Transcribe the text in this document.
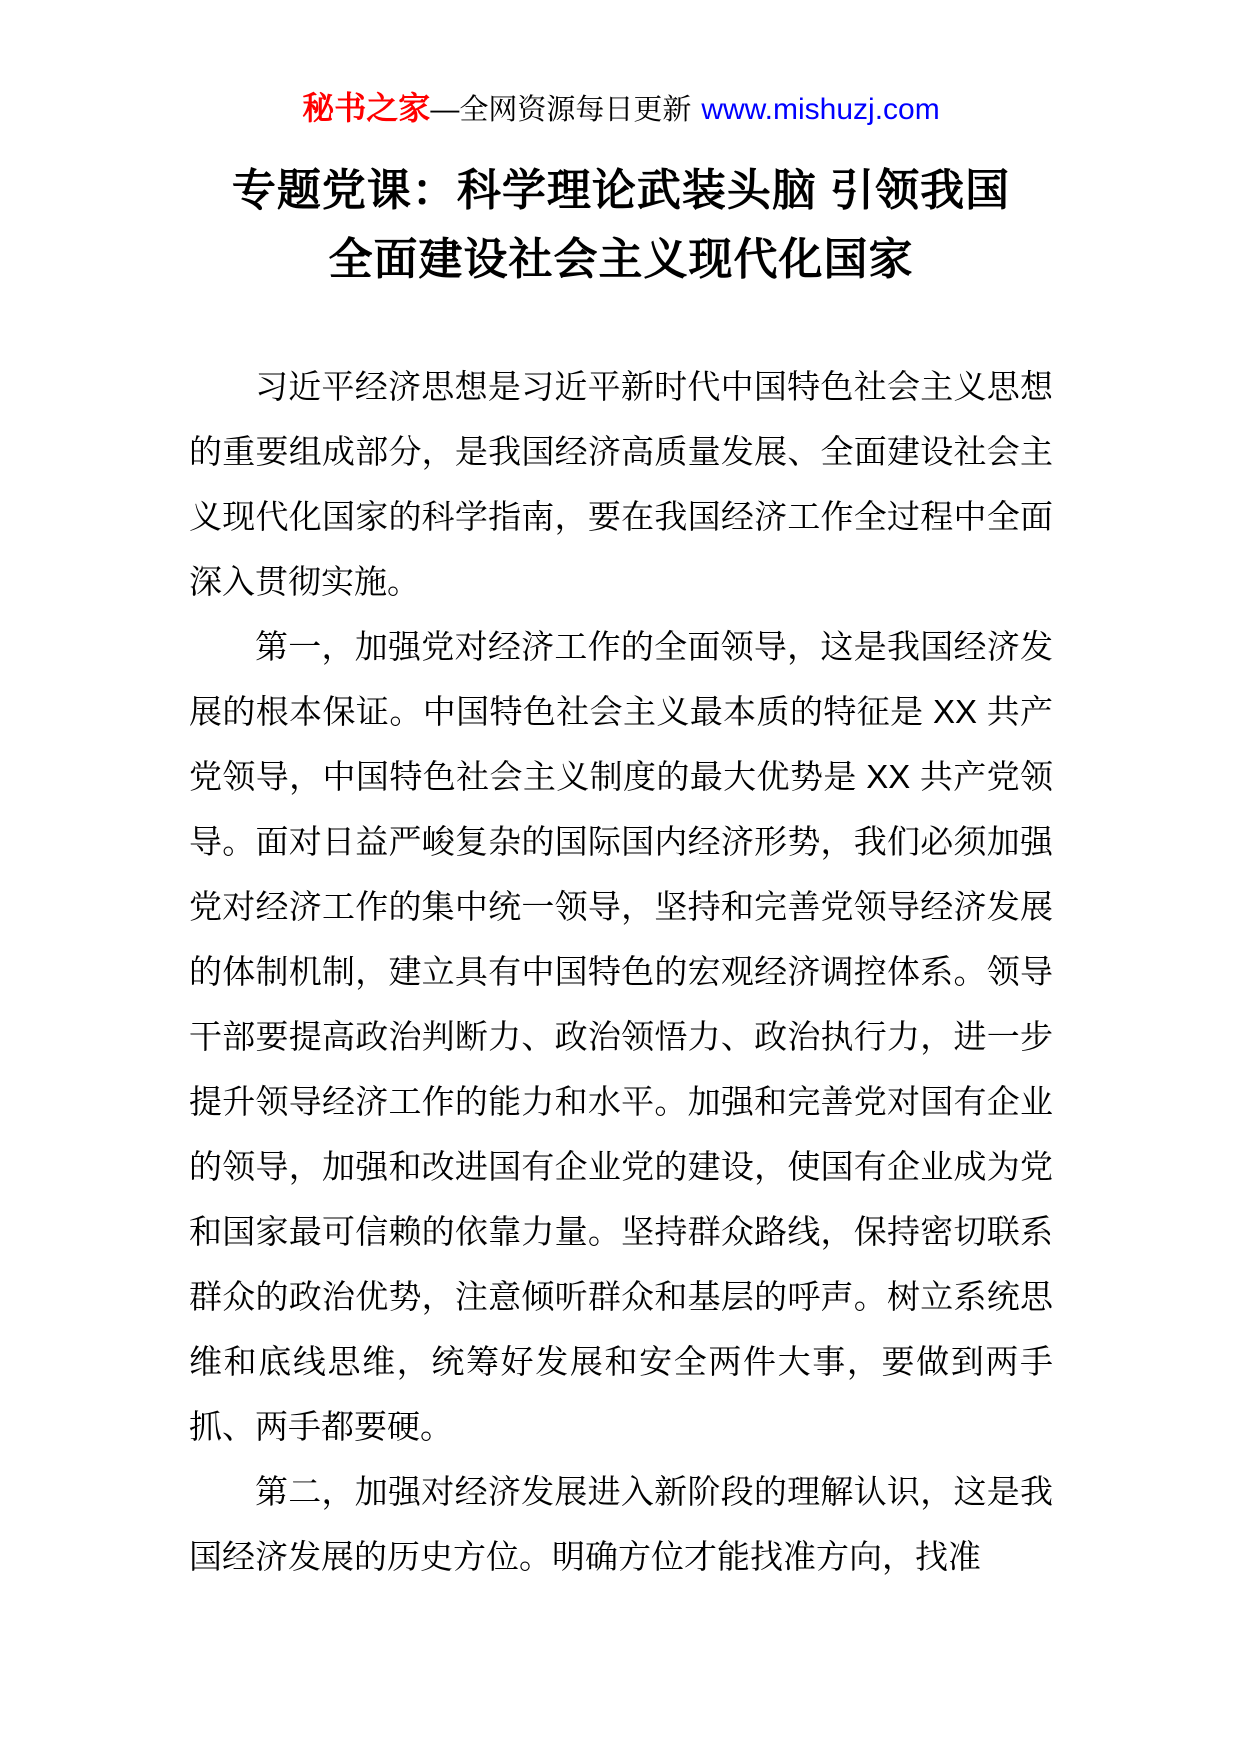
秘书之家—全网资源每日更新 www.mishuzj.com
专题党课：科学理论武装头脑 引领我国
全面建设社会主义现代化国家

习近平经济思想是习近平新时代中国特色社会主义思想的重要组成部分，是我国经济高质量发展、全面建设社会主义现代化国家的科学指南，要在我国经济工作全过程中全面深入贯彻实施。

第一，加强党对经济工作的全面领导，这是我国经济发展的根本保证。中国特色社会主义最本质的特征是 XX 共产党领导，中国特色社会主义制度的最大优势是 XX 共产党领导。面对日益严峻复杂的国际国内经济形势，我们必须加强党对经济工作的集中统一领导，坚持和完善党领导经济发展的体制机制，建立具有中国特色的宏观经济调控体系。领导干部要提高政治判断力、政治领悟力、政治执行力，进一步提升领导经济工作的能力和水平。加强和完善党对国有企业的领导，加强和改进国有企业党的建设，使国有企业成为党和国家最可信赖的依靠力量。坚持群众路线，保持密切联系群众的政治优势，注意倾听群众和基层的呼声。树立系统思维和底线思维，统筹好发展和安全两件大事，要做到两手抓、两手都要硬。

第二，加强对经济发展进入新阶段的理解认识，这是我国经济发展的历史方位。明确方位才能找准方向，找准
